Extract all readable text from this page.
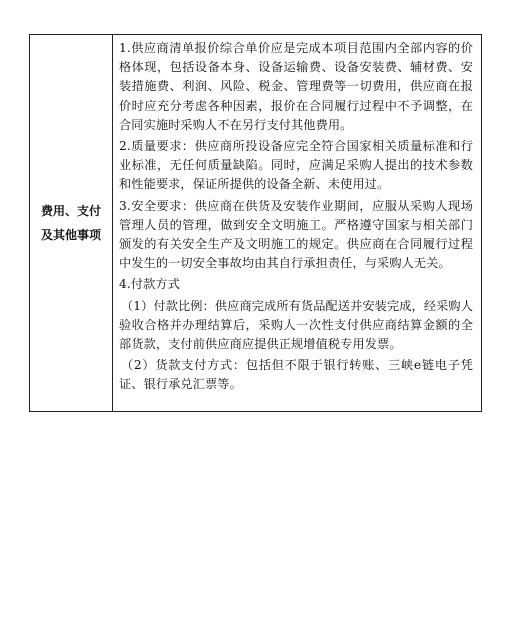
费用、支付及其他事项

1.供应商清单报价综合单价应是完成本项目范围内全部内容的价格体现，包括设备本身、设备运输费、设备安装费、辅材费、安装措施费、利润、风险、税金、管理费等一切费用，供应商在报价时应充分考虑各种因素，报价在合同履行过程中不予调整，在合同实施时采购人不在另行支付其他费用。

2.质量要求：供应商所投设备应完全符合国家相关质量标准和行业标准，无任何质量缺陷。同时，应满足采购人提出的技术参数和性能要求，保证所提供的设备全新、未使用过。

3.安全要求：供应商在供货及安装作业期间，应服从采购人现场管理人员的管理，做到安全文明施工。严格遵守国家与相关部门颁发的有关安全生产及文明施工的规定。供应商在合同履行过程中发生的一切安全事故均由其自行承担责任，与采购人无关。

4.付款方式

（1）付款比例：供应商完成所有货品配送并安装完成，经采购人验收合格并办理结算后，采购人一次性支付供应商结算金额的全部货款，支付前供应商应提供正规增值税专用发票。

（2）货款支付方式：包括但不限于银行转账、三峡e链电子凭证、银行承兑汇票等。
